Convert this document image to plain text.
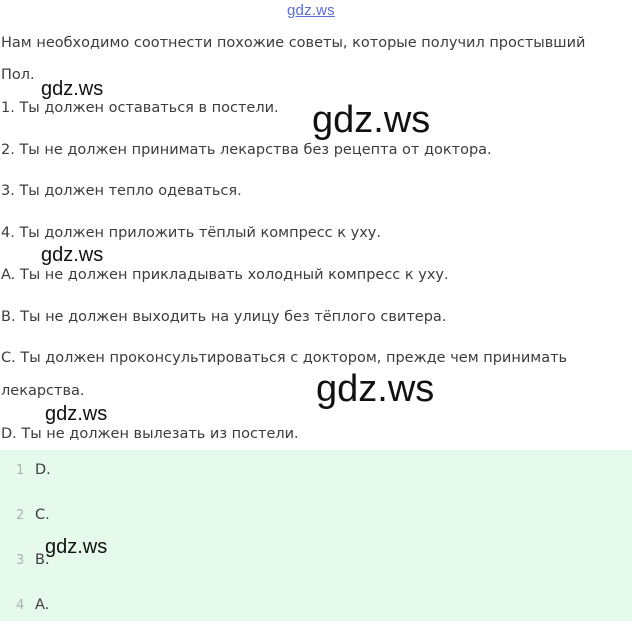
gdz.ws
Нам необходимо соотнести похожие советы, которые получил простывший
Пол.
1. Ты должен оставаться в постели.
2. Ты не должен принимать лекарства без рецепта от доктора.
3. Ты должен тепло одеваться.
4. Ты должен приложить тёплый компресс к уху.
A. Ты не должен прикладывать холодный компресс к уху.
B. Ты не должен выходить на улицу без тёплого свитера.
C. Ты должен проконсультироваться с доктором, прежде чем принимать
лекарства.
D. Ты не должен вылезать из постели.
1 D.
2 C.
3 B.
4 A.
gdz.ws
gdz.ws
gdz.ws
gdz.ws
gdz.ws
gdz.ws
